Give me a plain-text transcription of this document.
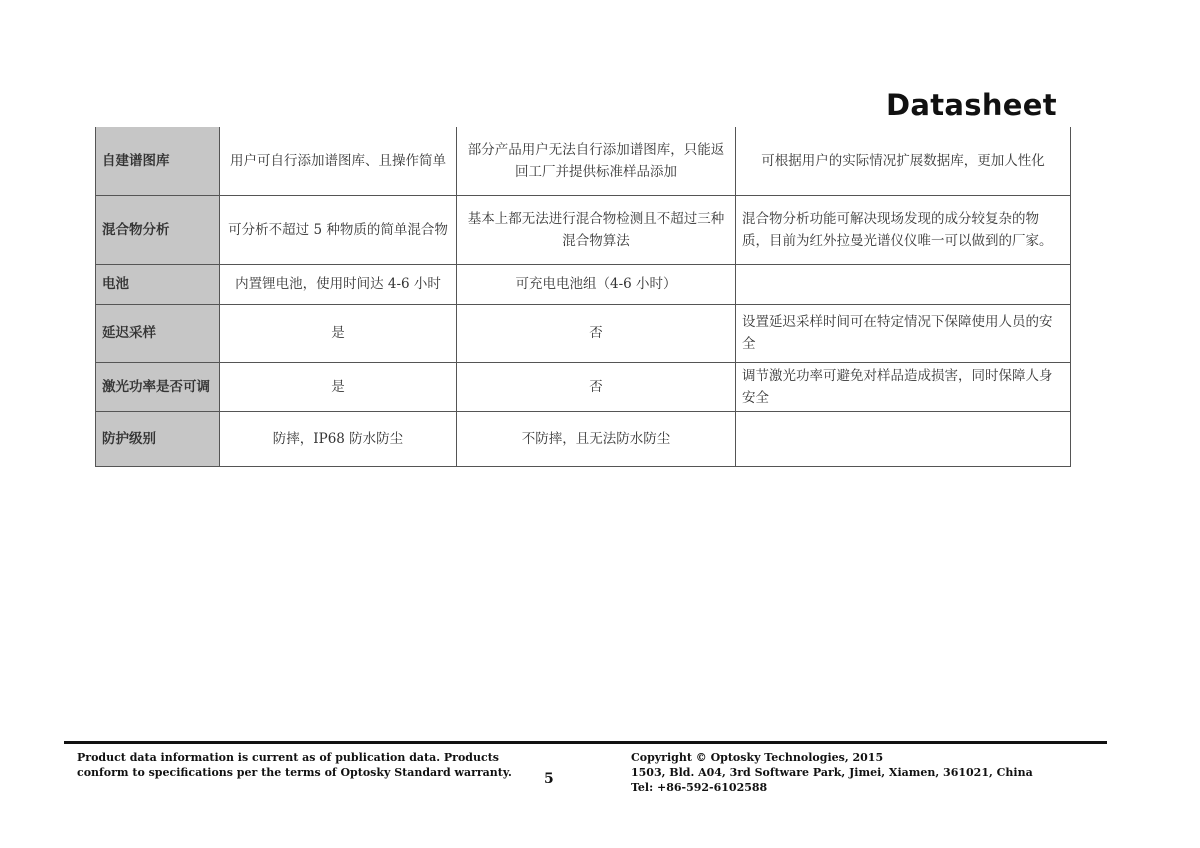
Datasheet
自建谱图库	用户可自行添加谱图库、且操作简单	部分产品用户无法自行添加谱图库，只能返回工厂并提供标准样品添加	可根据用户的实际情况扩展数据库，更加人性化
混合物分析	可分析不超过 5 种物质的简单混合物	基本上都无法进行混合物检测且不超过三种混合物算法	混合物分析功能可解决现场发现的成分较复杂的物质，目前为红外拉曼光谱仪仪唯一可以做到的厂家。
电池	内置锂电池，使用时间达 4-6 小时	可充电电池组（4-6 小时）	
延迟采样	是	否	设置延迟采样时间可在特定情况下保障使用人员的安全
激光功率是否可调	是	否	调节激光功率可避免对样品造成损害，同时保障人身安全
防护级别	防摔，IP68 防水防尘	不防摔，且无法防水防尘	
Product data information is current as of publication data. Products
conform to specifications per the terms of Optosky Standard warranty.	5
Copyright © Optosky Technologies, 2015
1503, Bld. A04, 3rd Software Park, Jimei, Xiamen, 361021, China
Tel: +86-592-6102588
